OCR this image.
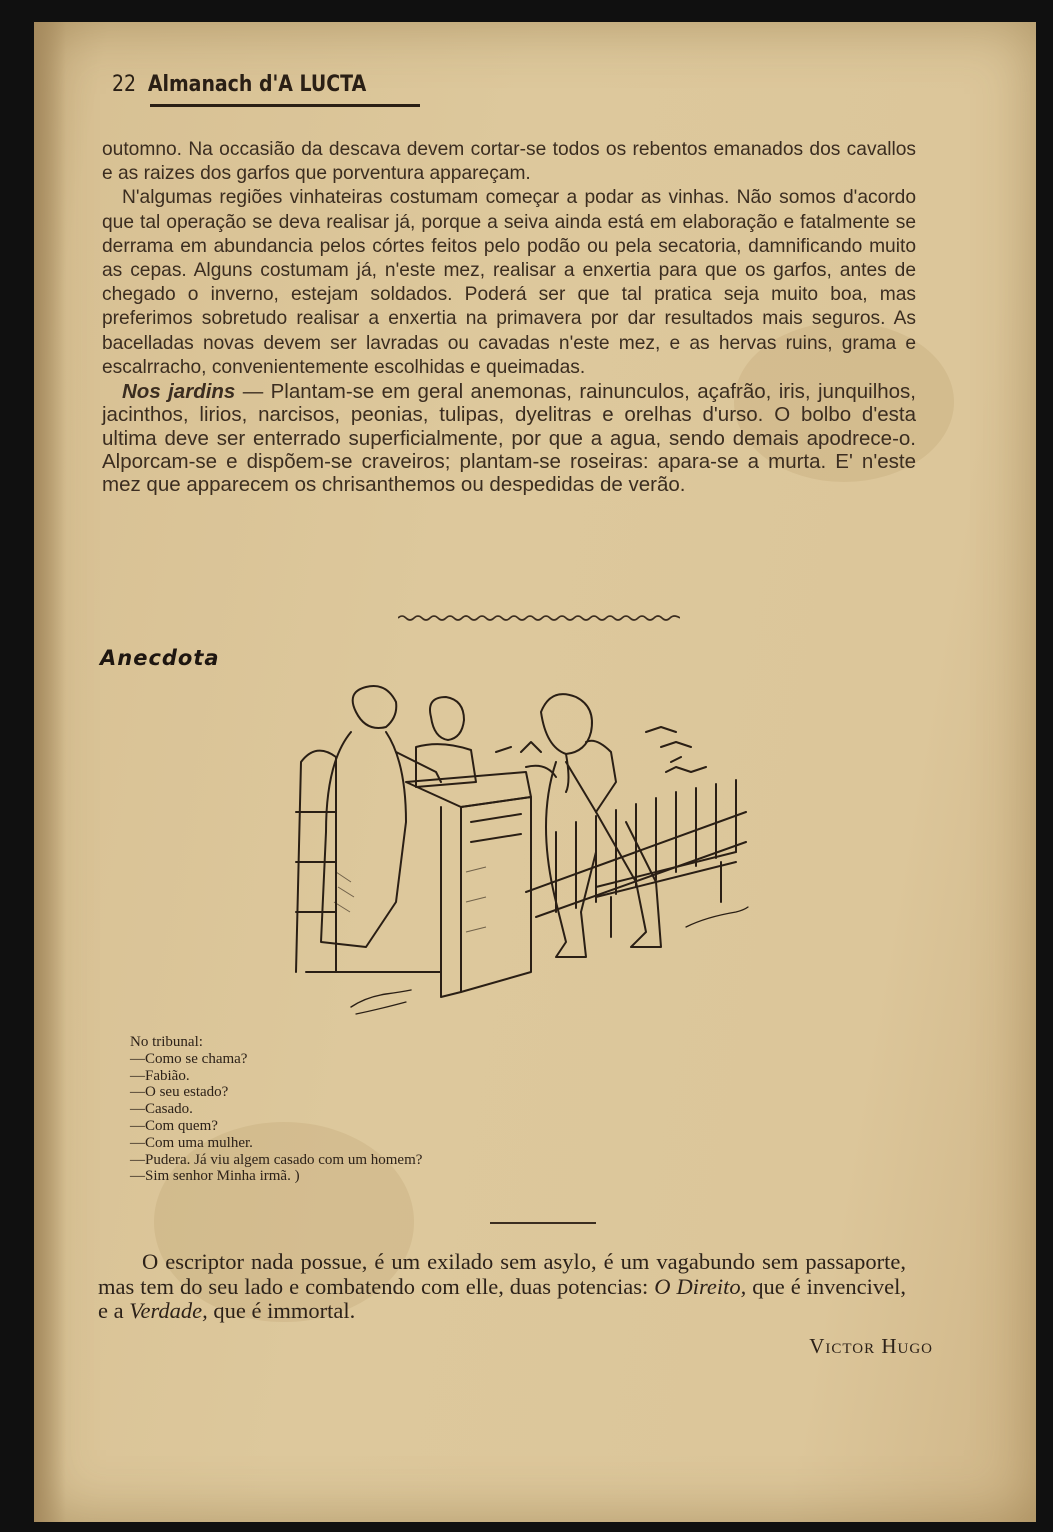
22 Almanach d'A LUCTA

outomno. Na occasião da descava devem cortar-se todos os rebentos emanados dos cavallos e as raizes dos garfos que porventura appareçam.

N'algumas regiões vinhateiras costumam começar a podar as vinhas. Não somos d'acordo que tal operação se deva realisar já, porque a seiva ainda está em elaboração e fatalmente se derrama em abundancia pelos córtes feitos pelo podão ou pela secatoria, damnificando muito as cepas. Alguns costumam já, n'este mez, realisar a enxertia para que os garfos, antes de chegado o inverno, estejam soldados. Poderá ser que tal pratica seja muito boa, mas preferimos sobretudo realisar a enxertia na primavera por dar resultados mais seguros. As bacelladas novas devem ser lavradas ou cavadas n'este mez, e as hervas ruins, grama e escalrracho, convenientemente escolhidas e queimadas.

Nos jardins — Plantam-se em geral anemonas, rainunculos, açafrão, iris, junquilhos, jacinthos, lirios, narcisos, peonias, tulipas, dyelitras e orelhas d'urso. O bolbo d'esta ultima deve ser enterrado superficialmente, por que a agua, sendo demais apodrece-o. Alporcam-se e dispõem-se craveiros; plantam-se roseiras: apara-se a murta. E' n'este mez que apparecem os chrisanthemos ou despedidas de verão.

Anecdota
No tribunal:
—Como se chama?
—Fabião.
—O seu estado?
—Casado.
—Com quem?
—Com uma mulher.
—Pudera. Já viu algem casado com um homem?
—Sim senhor Minha irmã. )
O escriptor nada possue, é um exilado sem asylo, é um vagabundo sem passaporte, mas tem do seu lado e combatendo com elle, duas potencias: O Direito, que é invencivel, e a Verdade, que é immortal.
Victor Hugo
